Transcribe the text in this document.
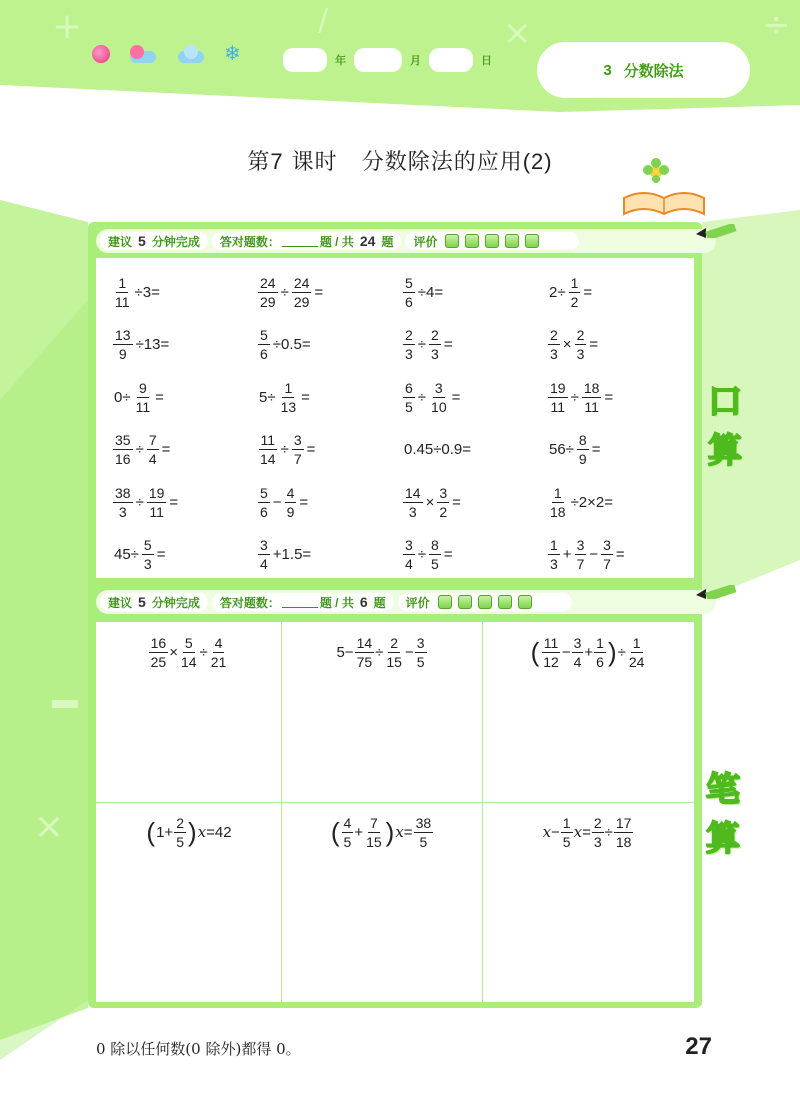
+	/	×	÷
×
❄	年	月	日
3 分数除法
第7 课时 分数除法的应用(2)
建议 5 分钟完成 答对题数：	题 / 共 24 题 评价
$\frac{1}{11} \div 3=$	$\frac{24}{29} \div \frac{24}{29}$ =	$\frac{5}{6} \div 4=$	$2\div \frac{1}{2}$ =
$\frac{13}{9} \div 13=$	$\frac{5}{6} \div 0.5=$	$\frac{2}{3} \div \frac{2}{3}$ =	$\frac{2}{3} \times \frac{2}{3}$ =
$0\div \frac{9}{11}$ =	$5\div \frac{1}{13}$ =	$\frac{6}{5} \div \frac{3}{10}$ =	$\frac{19}{11} \div \frac{18}{11}$ =
$\frac{35}{16} \div \frac{7}{4}$ =	$\frac{11}{14} \div \frac{3}{7}$ =	0.45÷0.9=	$56\div \frac{8}{9}$ =
$\frac{38}{3} \div \frac{19}{11}$ =	$\frac{5}{6} - \frac{4}{9}$ =	$\frac{14}{3} \times \frac{3}{2}$ =	$\frac{1}{18} \div 2\times 2=$
$45\div \frac{5}{3}$ =	$\frac{3}{4} +1.5=$	$\frac{3}{4} \div \frac{8}{5}$ =	$\frac{1}{3} + \frac{3}{7} - \frac{3}{7}$ =
建议 5 分钟完成 答对题数：	题 / 共 6 题 评价
$\frac{16}{25} \times \frac{5}{14} \div \frac{4}{21}$	$5- \frac{14}{75} \div \frac{2}{15} - \frac{3}{5}$	( $\frac{11}{12} - \frac{3}{4} + \frac{1}{6}$ ) ÷ $\frac{1}{24}$
( $1+ \frac{2}{5}$ ) x =42	( $\frac{4}{5} + \frac{7}{15}$ ) $x = \frac{38}{5}$	$x - \frac{1}{5}$ $x = \frac{2}{3} \div \frac{17}{18}$
口
算
笔
算
0 除以任何数(0 除外)都得 0。	27
